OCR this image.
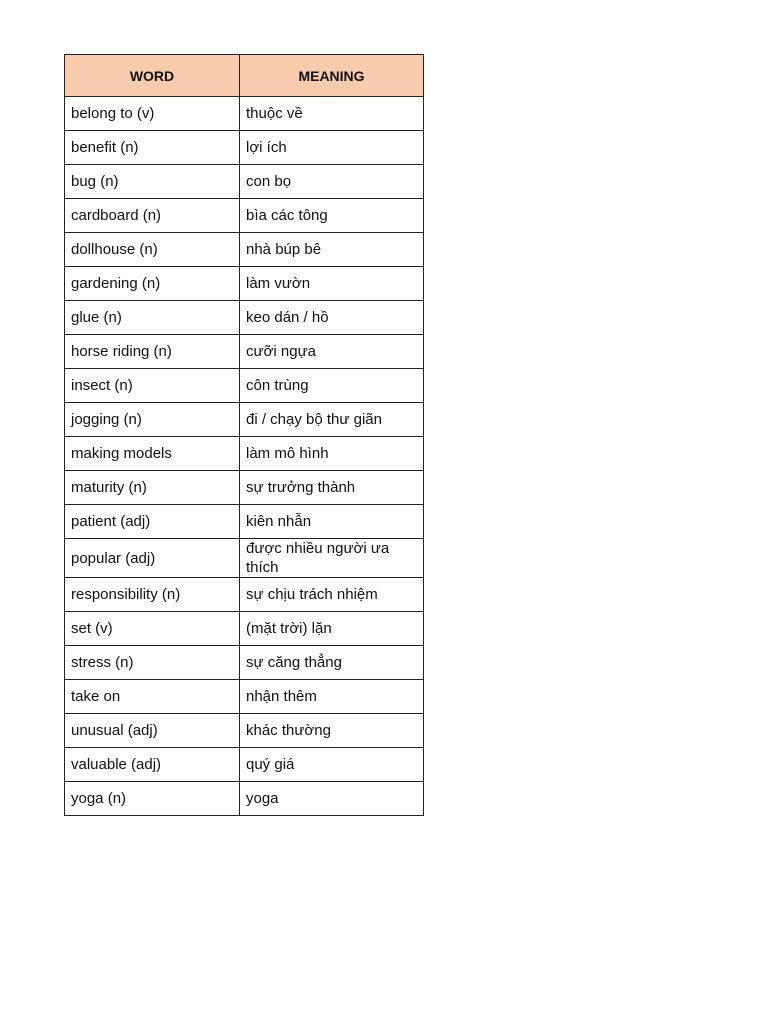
WORD	MEANING
belong to (v)	thuộc về
benefit (n)	lợi ích
bug (n)	con bọ
cardboard (n)	bìa các tông
dollhouse (n)	nhà búp bê
gardening (n)	làm vườn
glue (n)	keo dán / hồ
horse riding (n)	cưỡi ngựa
insect (n)	côn trùng
jogging (n)	đi / chạy bộ thư giãn
making models	làm mô hình
maturity (n)	sự trưởng thành
patient (adj)	kiên nhẫn
popular (adj)	được nhiều người ưa thích
responsibility (n)	sự chịu trách nhiệm
set (v)	(mặt trời) lặn
stress (n)	sự căng thẳng
take on	nhận thêm
unusual (adj)	khác thường
valuable (adj)	quý giá
yoga (n)	yoga
